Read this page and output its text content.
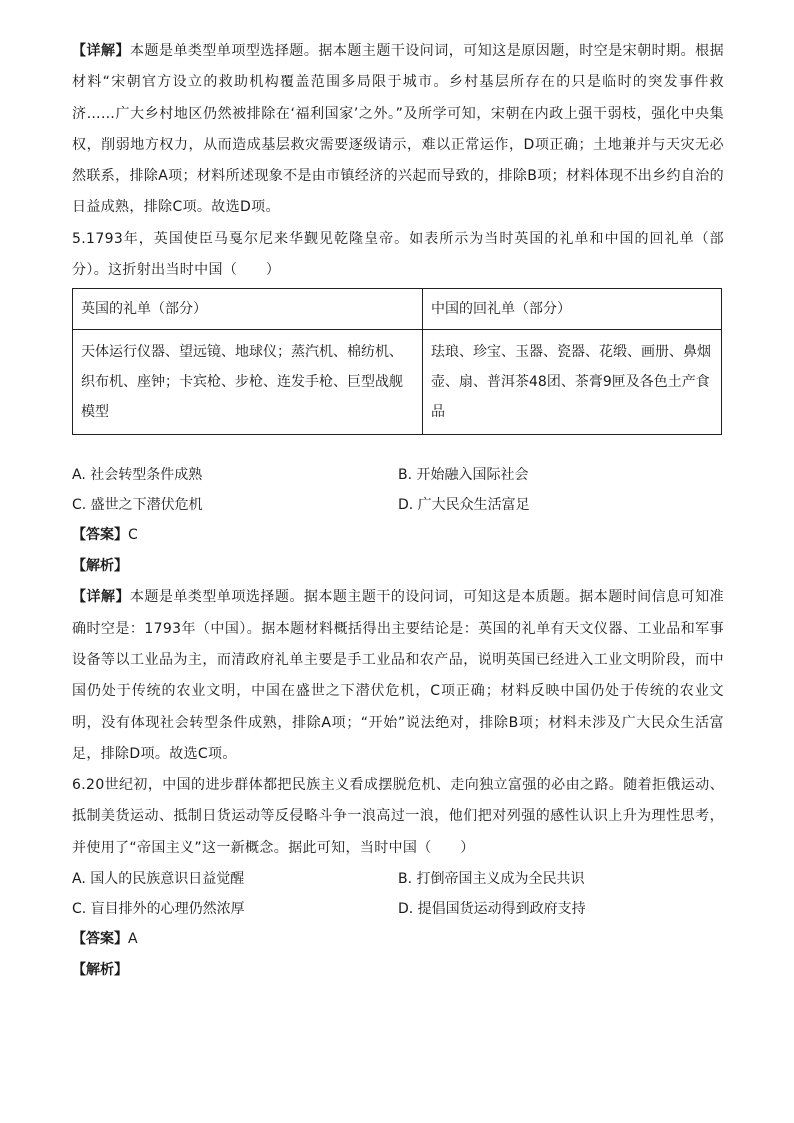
【详解】本题是单类型单项型选择题。据本题主题干设问词，可知这是原因题，时空是宋朝时期。根据材料“宋朝官方设立的救助机构覆盖范围多局限于城市。乡村基层所存在的只是临时的突发事件救济……广大乡村地区仍然被排除在‘福利国家’之外。”及所学可知，宋朝在内政上强干弱枝，强化中央集权，削弱地方权力，从而造成基层救灾需要逐级请示，难以正常运作，D项正确；土地兼并与天灾无必然联系，排除A项；材料所述现象不是由市镇经济的兴起而导致的，排除B项；材料体现不出乡约自治的日益成熟，排除C项。故选D项。

5.1793年，英国使臣马戛尔尼来华觐见乾隆皇帝。如表所示为当时英国的礼单和中国的回礼单（部分）。这折射出当时中国（　　）

英国的礼单（部分）	中国的回礼单（部分）
天体运行仪器、望远镜、地球仪；蒸汽机、棉纺机、织布机、座钟；卡宾枪、步枪、连发手枪、巨型战舰模型	珐琅、珍宝、玉器、瓷器、花缎、画册、鼻烟壶、扇、普洱茶48团、茶膏9匣及各色土产食品
A. 社会转型条件成熟	B. 开始融入国际社会
C. 盛世之下潜伏危机	D. 广大民众生活富足

【答案】C

【解析】

【详解】本题是单类型单项选择题。据本题主题干的设问词，可知这是本质题。据本题时间信息可知准确时空是：1793年（中国）。据本题材料概括得出主要结论是：英国的礼单有天文仪器、工业品和军事设备等以工业品为主，而清政府礼单主要是手工业品和农产品，说明英国已经进入工业文明阶段，而中国仍处于传统的农业文明，中国在盛世之下潜伏危机，C项正确；材料反映中国仍处于传统的农业文明，没有体现社会转型条件成熟，排除A项；“开始”说法绝对，排除B项；材料未涉及广大民众生活富足，排除D项。故选C项。

6.20世纪初，中国的进步群体都把民族主义看成摆脱危机、走向独立富强的必由之路。随着拒俄运动、抵制美货运动、抵制日货运动等反侵略斗争一浪高过一浪，他们把对列强的感性认识上升为理性思考，并使用了“帝国主义”这一新概念。据此可知，当时中国（　　）

A. 国人的民族意识日益觉醒	B. 打倒帝国主义成为全民共识
C. 盲目排外的心理仍然浓厚	D. 提倡国货运动得到政府支持

【答案】A

【解析】
